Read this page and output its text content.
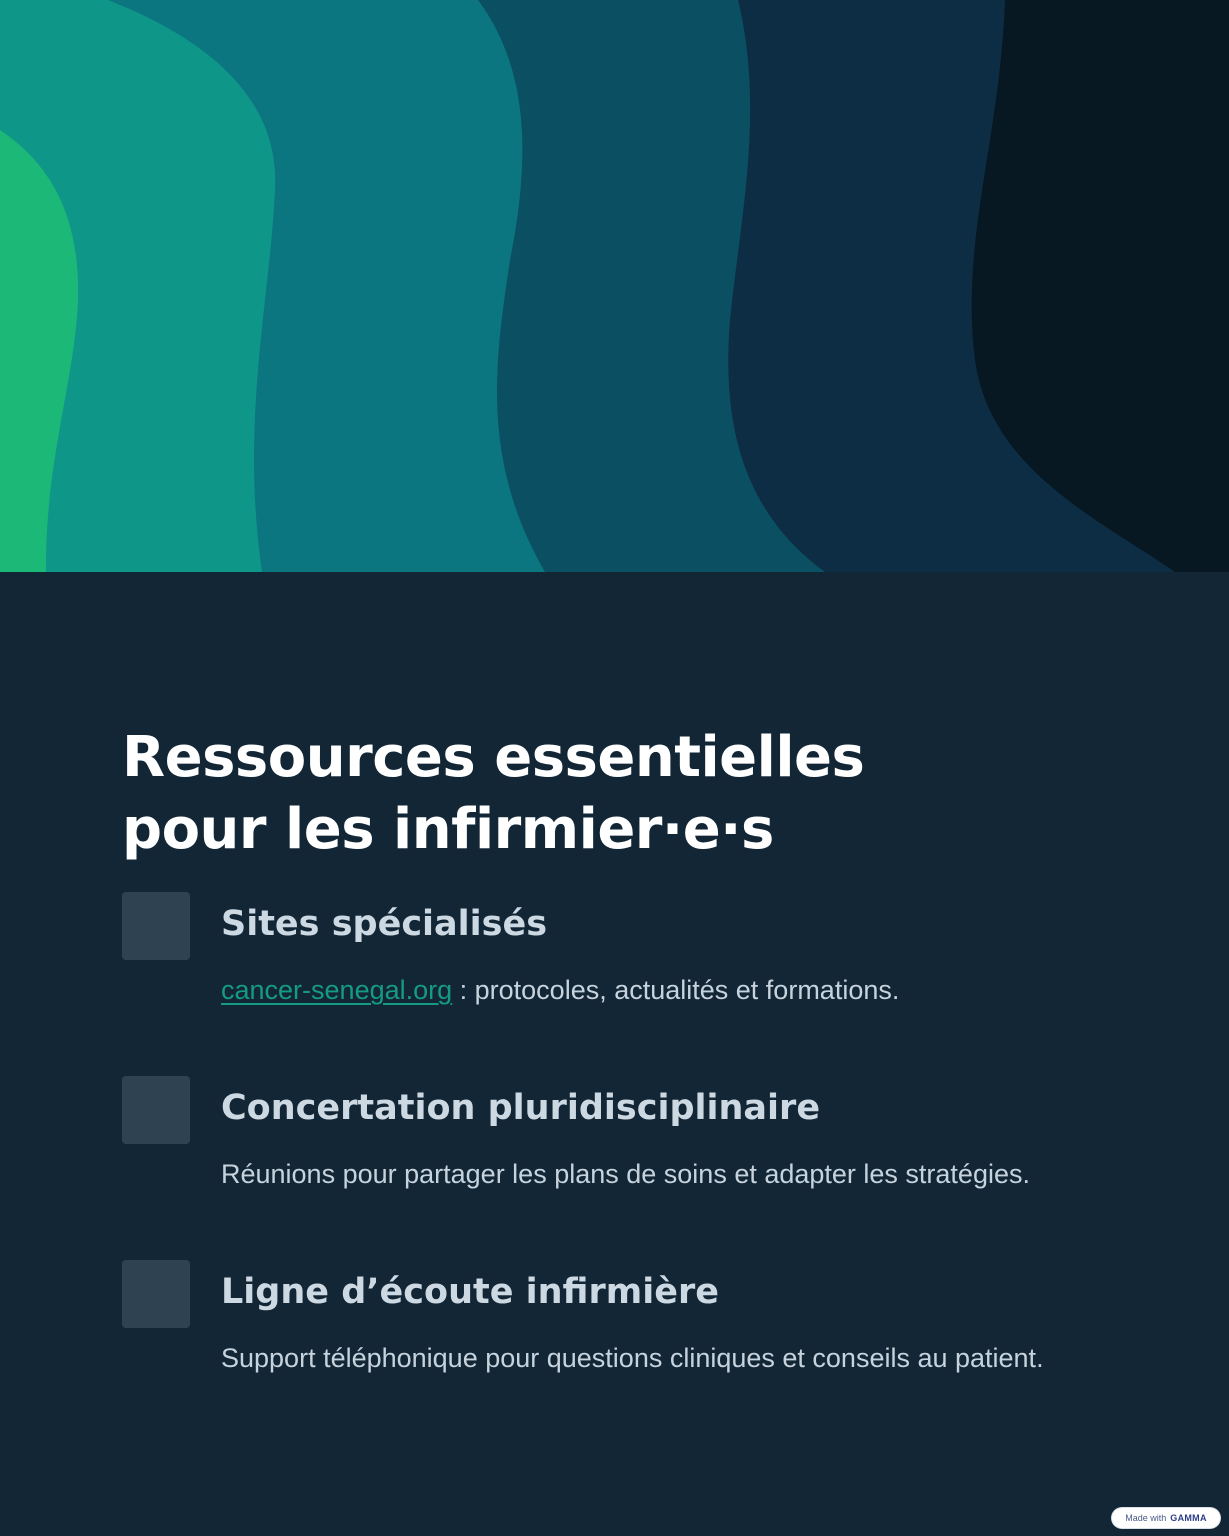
Ressources essentielles
pour les infirmier·e·s
Sites spécialisés

cancer-senegal.org : protocoles, actualités et formations.

Concertation pluridisciplinaire

Réunions pour partager les plans de soins et adapter les stratégies.

Ligne d’écoute infirmière

Support téléphonique pour questions cliniques et conseils au patient.

Made with GAMMA
